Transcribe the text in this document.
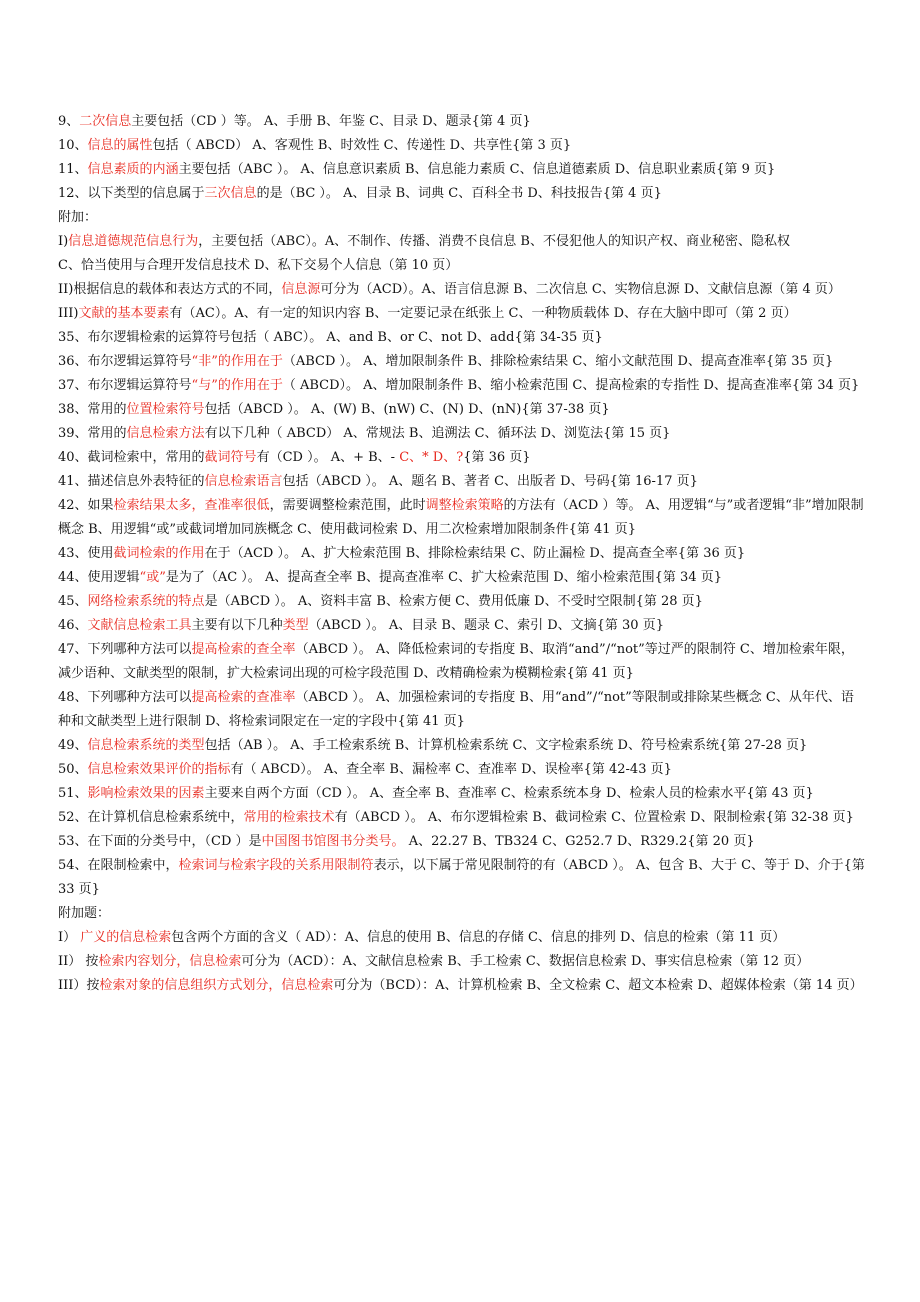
9、二次信息主要包括（CD ）等。 A、手册 B、年鉴 C、目录 D、题录{第 4 页}

10、信息的属性包括（ ABCD） A、客观性 B、时效性 C、传递性 D、共享性{第 3 页}

11、信息素质的内涵主要包括（ABC ）。 A、信息意识素质 B、信息能力素质 C、信息道德素质 D、信息职业素质{第 9 页}

12、以下类型的信息属于三次信息的是（BC ）。 A、目录 B、词典 C、百科全书 D、科技报告{第 4 页}

附加：

I)信息道德规范信息行为，主要包括（ABC）。A、不制作、传播、消费不良信息 B、不侵犯他人的知识产权、商业秘密、隐私权

C、恰当使用与合理开发信息技术 D、私下交易个人信息（第 10 页）

II)根据信息的载体和表达方式的不同，信息源可分为（ACD）。A、语言信息源 B、二次信息 C、实物信息源 D、文献信息源（第 4 页）

III)文献的基本要素有（AC）。A、有一定的知识内容 B、一定要记录在纸张上 C、一种物质载体 D、存在大脑中即可（第 2 页）

35、布尔逻辑检索的运算符号包括（ ABC）。 A、and B、or C、not D、add{第 34-35 页}

36、布尔逻辑运算符号“非”的作用在于（ABCD ）。 A、增加限制条件 B、排除检索结果 C、缩小文献范围 D、提高查准率{第 35 页}

37、布尔逻辑运算符号“与”的作用在于（ ABCD）。 A、增加限制条件 B、缩小检索范围 C、提高检索的专指性 D、提高查准率{第 34 页}

38、常用的位置检索符号包括（ABCD ）。 A、(W) B、(nW) C、(N) D、(nN){第 37-38 页}

39、常用的信息检索方法有以下几种（ ABCD） A、常规法 B、追溯法 C、循环法 D、浏览法{第 15 页}

40、截词检索中，常用的截词符号有（CD ）。 A、+ B、- C、* D、?{第 36 页}

41、描述信息外表特征的信息检索语言包括（ABCD ）。 A、题名 B、著者 C、出版者 D、号码{第 16-17 页}

42、如果检索结果太多，查准率很低，需要调整检索范围，此时调整检索策略的方法有（ACD ）等。 A、用逻辑“与”或者逻辑“非”增加限制概念 B、用逻辑“或”或截词增加同族概念 C、使用截词检索 D、用二次检索增加限制条件{第 41 页}

43、使用截词检索的作用在于（ACD ）。 A、扩大检索范围 B、排除检索结果 C、防止漏检 D、提高查全率{第 36 页}

44、使用逻辑“或”是为了（AC ）。 A、提高查全率 B、提高查准率 C、扩大检索范围 D、缩小检索范围{第 34 页}

45、网络检索系统的特点是（ABCD ）。 A、资料丰富 B、检索方便 C、费用低廉 D、不受时空限制{第 28 页}

46、文献信息检索工具主要有以下几种类型（ABCD ）。 A、目录 B、题录 C、索引 D、文摘{第 30 页}

47、下列哪种方法可以提高检索的查全率（ABCD ）。 A、降低检索词的专指度 B、取消“and”/“not”等过严的限制符 C、增加检索年限，减少语种、文献类型的限制，扩大检索词出现的可检字段范围 D、改精确检索为模糊检索{第 41 页}

48、下列哪种方法可以提高检索的查准率（ABCD ）。 A、加强检索词的专指度 B、用“and”/“not”等限制或排除某些概念 C、从年代、语种和文献类型上进行限制 D、将检索词限定在一定的字段中{第 41 页}

49、信息检索系统的类型包括（AB ）。 A、手工检索系统 B、计算机检索系统 C、文字检索系统 D、符号检索系统{第 27-28 页}

50、信息检索效果评价的指标有（ ABCD）。 A、查全率 B、漏检率 C、查准率 D、误检率{第 42-43 页}

51、影响检索效果的因素主要来自两个方面（CD ）。 A、查全率 B、查准率 C、检索系统本身 D、检索人员的检索水平{第 43 页}

52、在计算机信息检索系统中，常用的检索技术有（ABCD ）。 A、布尔逻辑检索 B、截词检索 C、位置检索 D、限制检索{第 32-38 页}

53、在下面的分类号中，（CD ）是中国图书馆图书分类号。 A、22.27 B、TB324 C、G252.7 D、R329.2{第 20 页}

54、在限制检索中，检索词与检索字段的关系用限制符表示，以下属于常见限制符的有（ABCD ）。 A、包含 B、大于 C、等于 D、介于{第 33 页}

附加题：

I） 广义的信息检索包含两个方面的含义（ AD）：A、信息的使用 B、信息的存储 C、信息的排列 D、信息的检索（第 11 页）

II） 按检索内容划分，信息检索可分为（ACD）：A、文献信息检索 B、手工检索 C、数据信息检索 D、事实信息检索（第 12 页）

III）按检索对象的信息组织方式划分，信息检索可分为（BCD）：A、计算机检索 B、全文检索 C、超文本检索 D、超媒体检索（第 14 页）
